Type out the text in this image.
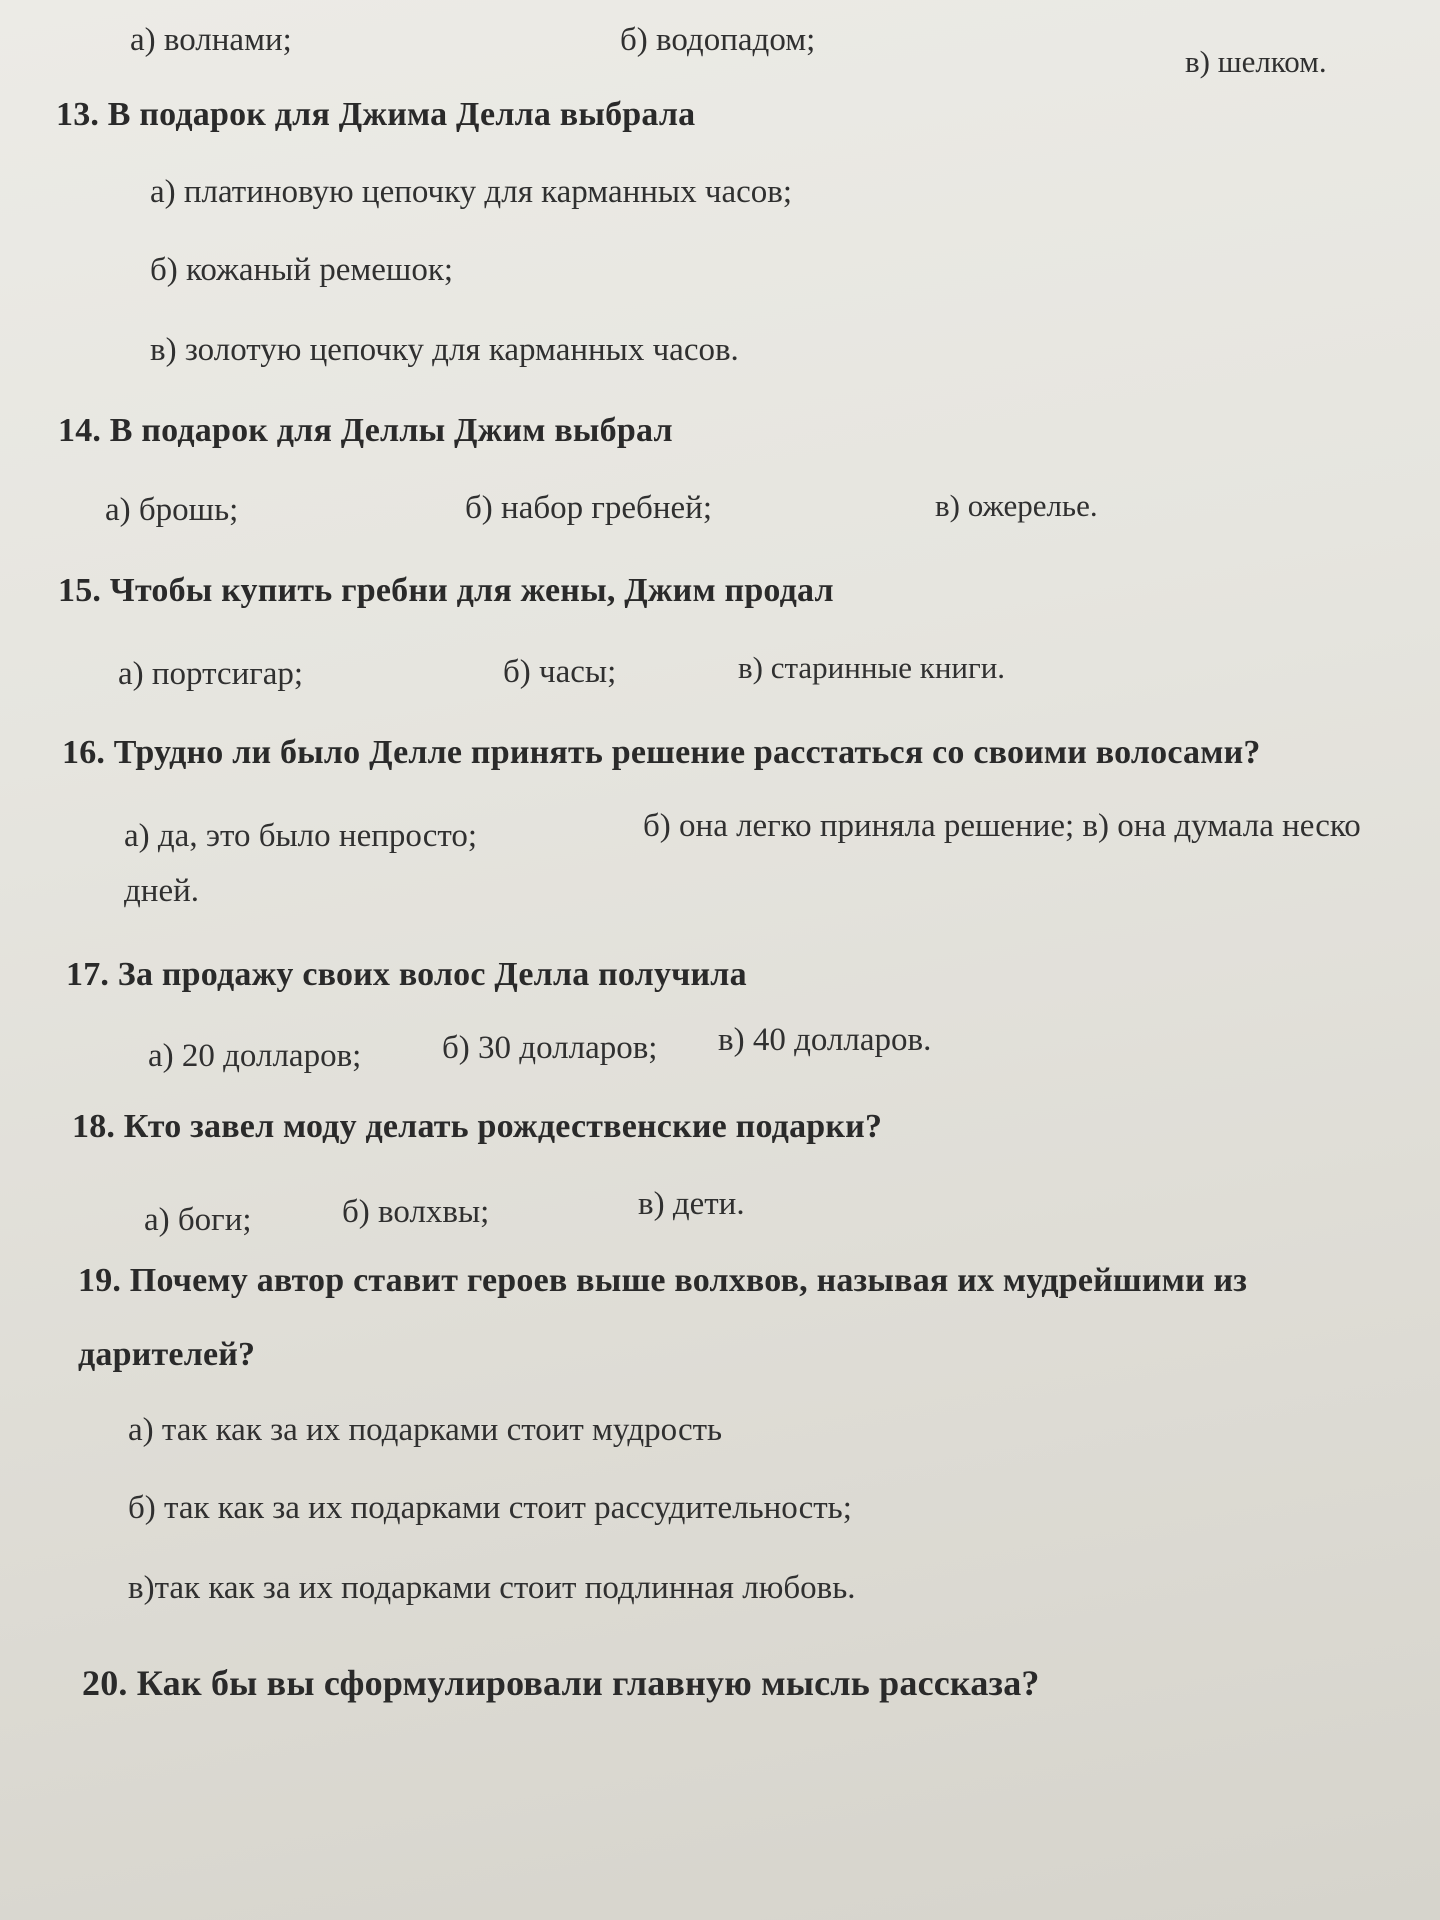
а) волнами;	б) водопадом;
в) шелком.
13. В подарок для Джима Делла выбрала
а) платиновую цепочку для карманных часов;
б) кожаный ремешок;
в) золотую цепочку для карманных часов.
14. В подарок для Деллы Джим выбрал
а) брошь;	б) набор гребней;	в) ожерелье.
15. Чтобы купить гребни для жены, Джим продал
а) портсигар;	б) часы;	в) старинные книги.
16. Трудно ли было Делле принять решение расстаться со своими волосами?
а) да, это было непросто;	б) она легко приняла решение; в) она думала неско
дней.
17. За продажу своих волос Делла получила
а) 20 долларов; б) 30 долларов; в) 40 долларов.
18. Кто завел моду делать рождественские подарки?
а) боги;	б) волхвы;	в) дети.
19. Почему автор ставит героев выше волхвов, называя их мудрейшими из
дарителей?
а) так как за их подарками стоит мудрость
б) так как за их подарками стоит рассудительность;
в)так как за их подарками стоит подлинная любовь.
20. Как бы вы сформулировали главную мысль рассказа?
